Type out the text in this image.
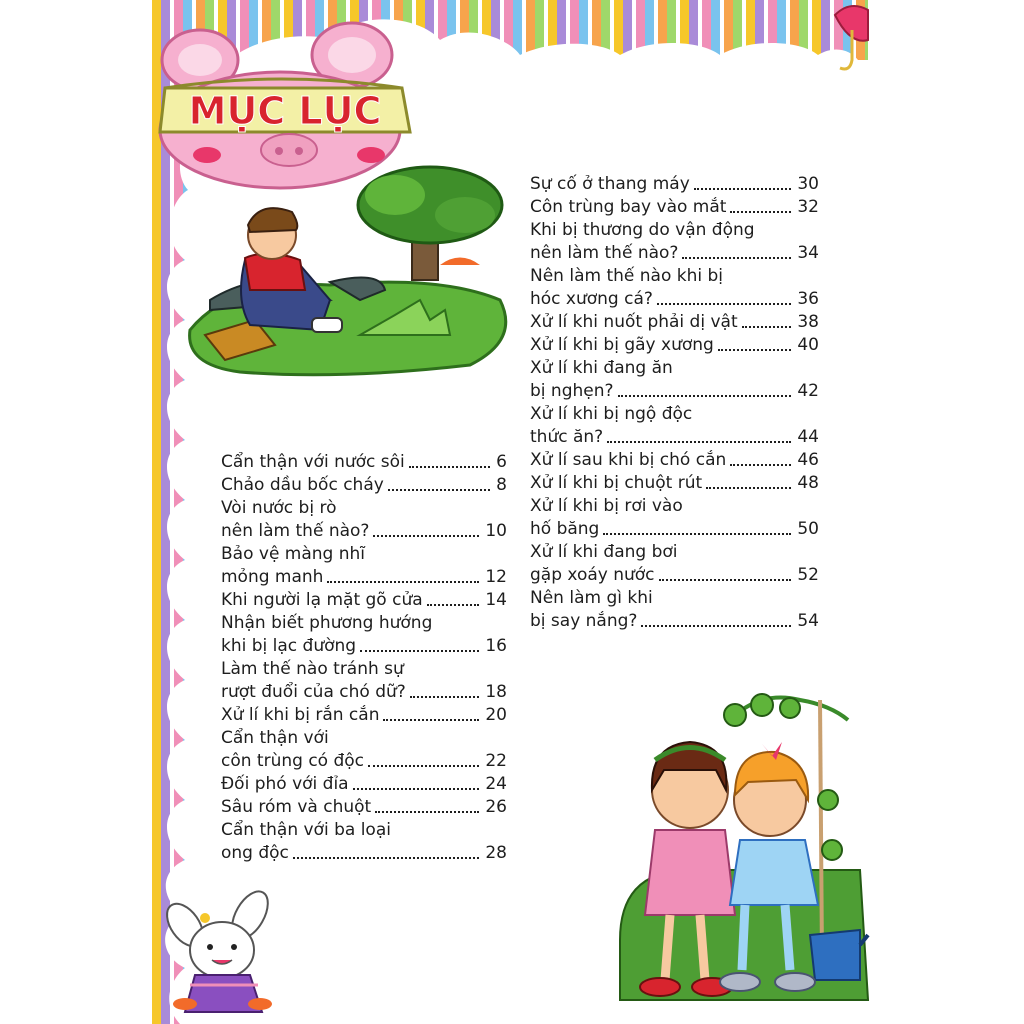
MỤC LỤC
Cẩn thận với nước sôi	6
Chảo dầu bốc cháy	8
Vòi nước bị rò
nên làm thế nào?	10
Bảo vệ màng nhĩ
mỏng manh	12
Khi người lạ mặt gõ cửa	14
Nhận biết phương hướng
khi bị lạc đường	16
Làm thế nào tránh sự
rượt đuổi của chó dữ?	18
Xử lí khi bị rắn cắn	20
Cẩn thận với
côn trùng có độc	22
Đối phó với đỉa	24
Sâu róm và chuột	26
Cẩn thận với ba loại
ong độc	28
Sự cố ở thang máy	30
Côn trùng bay vào mắt	32
Khi bị thương do vận động
nên làm thế nào?	34
Nên làm thế nào khi bị
hóc xương cá?	36
Xử lí khi nuốt phải dị vật	38
Xử lí khi bị gãy xương	40
Xử lí khi đang ăn
bị nghẹn?	42
Xử lí khi bị ngộ độc
thức ăn?	44
Xử lí sau khi bị chó cắn	46
Xử lí khi bị chuột rút	48
Xử lí khi bị rơi vào
hố băng	50
Xử lí khi đang bơi
gặp xoáy nước	52
Nên làm gì khi
bị say nắng?	54
